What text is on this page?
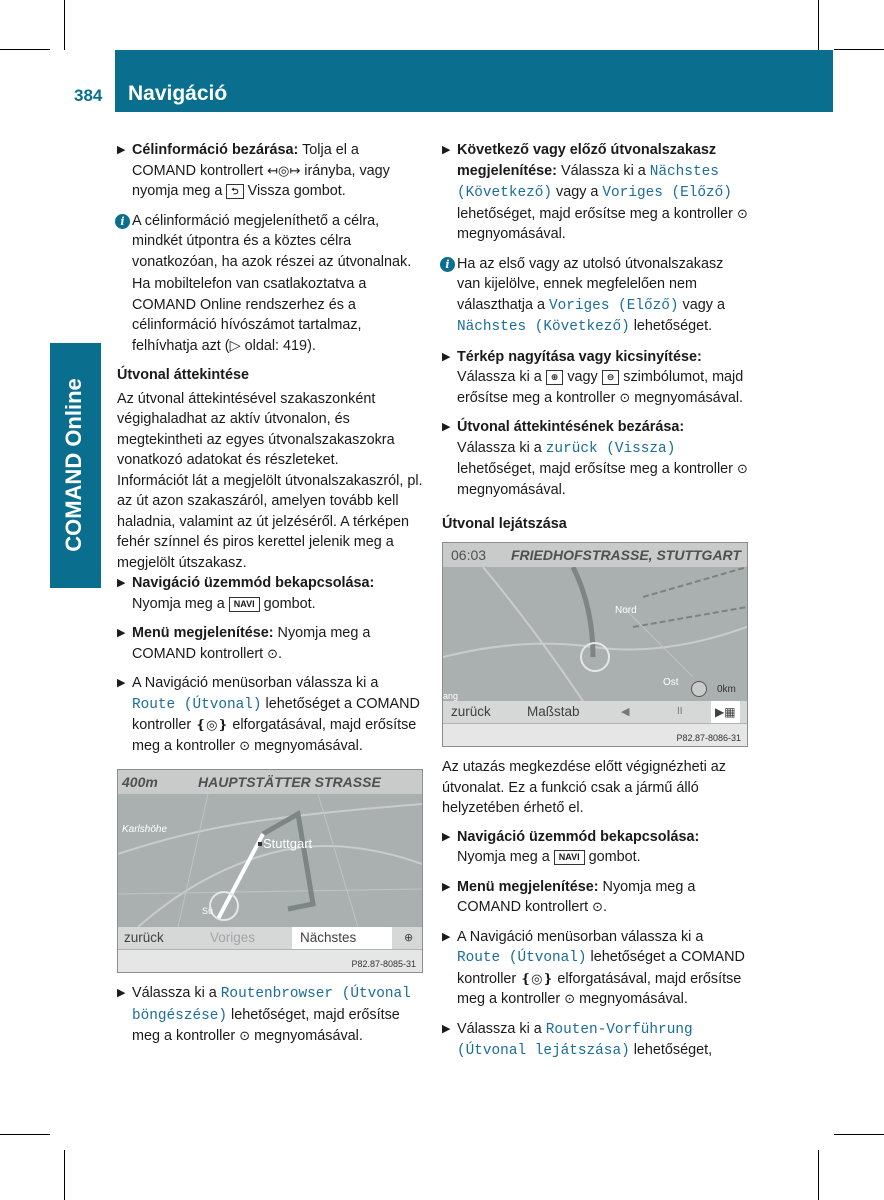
384 Navigáció
COMAND Online
▶ Célinformáció bezárása: Tolja el a COMAND kontrollert ↤◎↦ irányba, vagy nyomja meg a ⮌ Vissza gombot.
i A célinformáció megjeleníthető a célra, mindkét útpontra és a köztes célra vonatkozóan, ha azok részei az útvonalnak.

Ha mobiltelefon van csatlakoztatva a COMAND Online rendszerhez és a célinformáció hívószámot tartalmaz, felhívhatja azt (▷ oldal: 419).

Útvonal áttekintése

Az útvonal áttekintésével szakaszonként végighaladhat az aktív útvonalon, és megtekintheti az egyes útvonalszakaszokra vonatkozó adatokat és részleteket.

Információt lát a megjelölt útvonalszakaszról, pl. az út azon szakaszáról, amelyen tovább kell haladnia, valamint az út jelzéséről. A térképen fehér színnel és piros kerettel jelenik meg a megjelölt útszakasz.

▶ Navigáció üzemmód bekapcsolása:
Nyomja meg a NAVI gombot.
▶ Menü megjelenítése: Nyomja meg a COMAND kontrollert ⊙.
▶ A Navigáció menüsorban válassza ki a Route (Útvonal) lehetőséget a COMAND kontroller ❴◎❵ elforgatásával, majd erősítse meg a kontroller ⊙ megnyomásával.
400m	HAUPTSTÄTTER STRASSE
Karlshöhe
Stuttgart
Sü
zurück	Voriges	Nächstes	⊕
P82.87-8085-31
▶ Válassza ki a Routenbrowser (Útvonal böngészése) lehetőséget, majd erősítse meg a kontroller ⊙ megnyomásával.
▶ Következő vagy előző útvonalszakasz megjelenítése: Válassza ki a Nächstes (Következő) vagy a Voriges (Előző) lehetőséget, majd erősítse meg a kontroller ⊙ megnyomásával.
i Ha az első vagy az utolsó útvonalszakasz van kijelölve, ennek megfelelően nem választhatja a Voriges (Előző) vagy a Nächstes (Következő) lehetőséget.
▶ Térkép nagyítása vagy kicsinyítése:
Válassza ki a ⊕ vagy ⊖ szimbólumot, majd erősítse meg a kontroller ⊙ megnyomásával.
▶ Útvonal áttekintésének bezárása:
Válassza ki a zurück (Vissza) lehetőséget, majd erősítse meg a kontroller ⊙ megnyomásával.
Útvonal lejátszása
06:03 FRIEDHOFSTRASSE, STUTTGART
Nord
Ost
ang
0km
zurück	Maßstab	◀	II	▶▦
P82.87-8086-31

Az utazás megkezdése előtt végignézheti az útvonalat. Ez a funkció csak a jármű álló helyzetében érhető el.

▶ Navigáció üzemmód bekapcsolása:
Nyomja meg a NAVI gombot.
▶ Menü megjelenítése: Nyomja meg a COMAND kontrollert ⊙.
▶ A Navigáció menüsorban válassza ki a Route (Útvonal) lehetőséget a COMAND kontroller ❴◎❵ elforgatásával, majd erősítse meg a kontroller ⊙ megnyomásával.
▶ Válassza ki a Routen-Vorführung (Útvonal lejátszása) lehetőséget,
